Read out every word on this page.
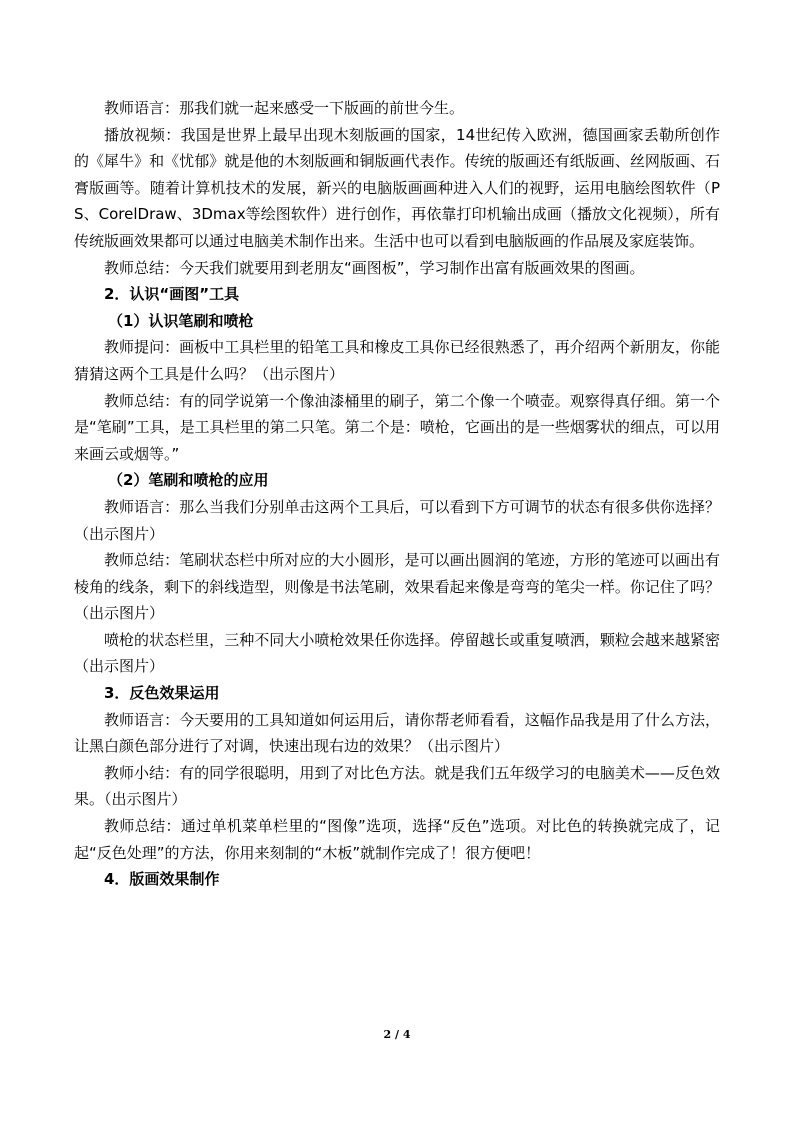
教师语言：那我们就一起来感受一下版画的前世今生。

播放视频：我国是世界上最早出现木刻版画的国家，14世纪传入欧洲，德国画家丢勒所创作的《犀牛》和《忧郁》就是他的木刻版画和铜版画代表作。传统的版画还有纸版画、丝网版画、石膏版画等。随着计算机技术的发展，新兴的电脑版画画种进入人们的视野，运用电脑绘图软件（PS、CorelDraw、3Dmax等绘图软件）进行创作，再依靠打印机输出成画（播放文化视频），所有传统版画效果都可以通过电脑美术制作出来。生活中也可以看到电脑版画的作品展及家庭装饰。

教师总结：今天我们就要用到老朋友“画图板”，学习制作出富有版画效果的图画。

2．认识“画图”工具

（1）认识笔刷和喷枪

教师提问：画板中工具栏里的铅笔工具和橡皮工具你已经很熟悉了，再介绍两个新朋友，你能猜猜这两个工具是什么吗？（出示图片）

教师总结：有的同学说第一个像油漆桶里的刷子，第二个像一个喷壶。观察得真仔细。第一个是“笔刷”工具，是工具栏里的第二只笔。第二个是：喷枪，它画出的是一些烟雾状的细点，可以用来画云或烟等。”

（2）笔刷和喷枪的应用

教师语言：那么当我们分别单击这两个工具后，可以看到下方可调节的状态有很多供你选择？（出示图片）

教师总结：笔刷状态栏中所对应的大小圆形，是可以画出圆润的笔迹，方形的笔迹可以画出有棱角的线条，剩下的斜线造型，则像是书法笔刷，效果看起来像是弯弯的笔尖一样。你记住了吗？（出示图片）

喷枪的状态栏里，三种不同大小喷枪效果任你选择。停留越长或重复喷洒，颗粒会越来越紧密（出示图片）

3．反色效果运用

教师语言：今天要用的工具知道如何运用后，请你帮老师看看，这幅作品我是用了什么方法，让黑白颜色部分进行了对调，快速出现右边的效果？（出示图片）

教师小结：有的同学很聪明，用到了对比色方法。就是我们五年级学习的电脑美术——反色效果。（出示图片）

教师总结：通过单机菜单栏里的“图像”选项，选择“反色”选项。对比色的转换就完成了，记起“反色处理”的方法，你用来刻制的“木板”就制作完成了！很方便吧！

4．版画效果制作

2 / 4
